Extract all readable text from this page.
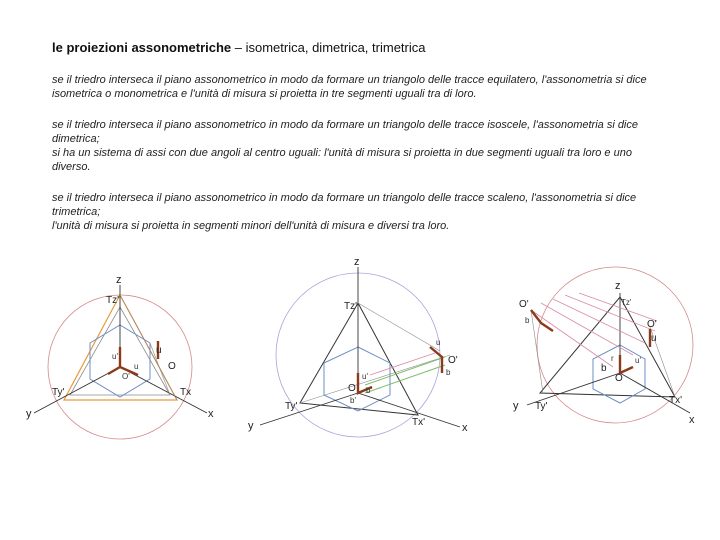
le proiezioni assonometriche – isometrica, dimetrica, trimetrica
se il triedro interseca il piano assonometrico in modo da formare un triangolo delle tracce equilatero, l'assonometria si dice isometrica o monometrica e l'unità di misura si proietta in tre segmenti uguali tra di loro.
se il triedro interseca il piano assonometrico in modo da formare un triangolo delle tracce isoscele, l'assonometria si dice dimetrica;
si ha un sistema di assi con due angoli al centro uguali: l'unità di misura si proietta in due segmenti uguali tra loro e uno diverso.
se il triedro interseca il piano assonometrico in modo da formare un triangolo delle tracce scaleno, l'assonometria si dice trimetrica;
l'unità di misura si proietta in segmenti minori dell'unità di misura e diversi tra loro.
z
x
y
Tz'
Tx
Ty'
u'
u
u
O
O'
z
x
y
Tz'
Tx'
Ty'
u
u'
O'
O b'
b
b'
z
x
y
Tz'
Tx'
Ty'
O'
O'
b
b
u
O
r	u'
